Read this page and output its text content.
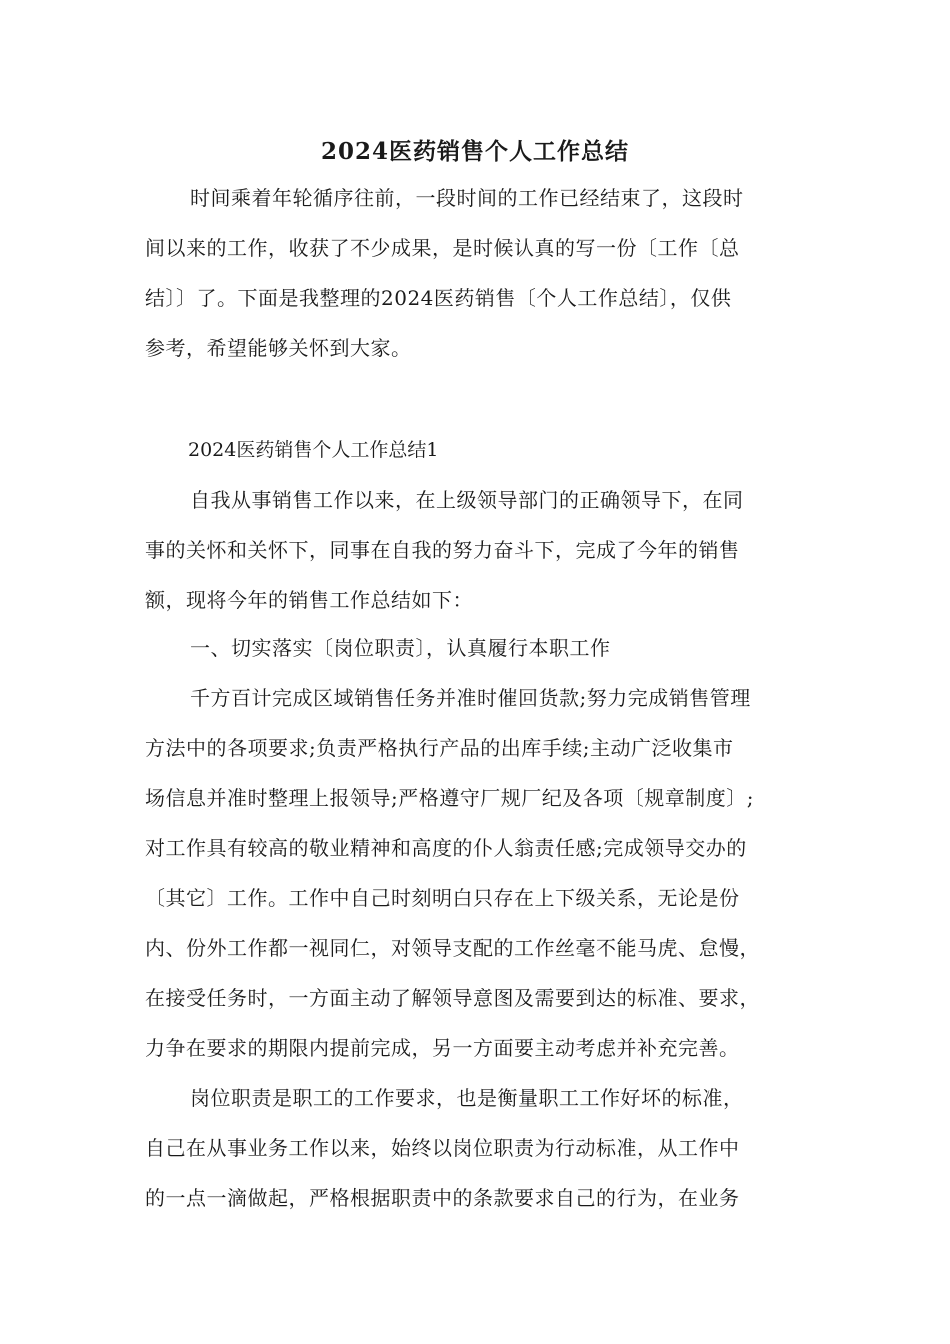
2024医药销售个人工作总结
时间乘着年轮循序往前，一段时间的工作已经结束了，这段时
间以来的工作，收获了不少成果，是时候认真的写一份〔工作〔总
结〕〕了。下面是我整理的2024医药销售〔个人工作总结〕，仅供
参考，希望能够关怀到大家。
2024医药销售个人工作总结1
自我从事销售工作以来，在上级领导部门的正确领导下，在同
事的关怀和关怀下，同事在自我的努力奋斗下，完成了今年的销售
额，现将今年的销售工作总结如下：
一、切实落实〔岗位职责〕，认真履行本职工作
千方百计完成区域销售任务并准时催回货款;努力完成销售管理
方法中的各项要求;负责严格执行产品的出库手续;主动广泛收集市
场信息并准时整理上报领导;严格遵守厂规厂纪及各项〔规章制度〕;
对工作具有较高的敬业精神和高度的仆人翁责任感;完成领导交办的
〔其它〕工作。工作中自己时刻明白只存在上下级关系，无论是份
内、份外工作都一视同仁，对领导支配的工作丝毫不能马虎、怠慢，
在接受任务时，一方面主动了解领导意图及需要到达的标准、要求，
力争在要求的期限内提前完成，另一方面要主动考虑并补充完善。
岗位职责是职工的工作要求，也是衡量职工工作好坏的标准，
自己在从事业务工作以来，始终以岗位职责为行动标准，从工作中
的一点一滴做起，严格根据职责中的条款要求自己的行为，在业务
